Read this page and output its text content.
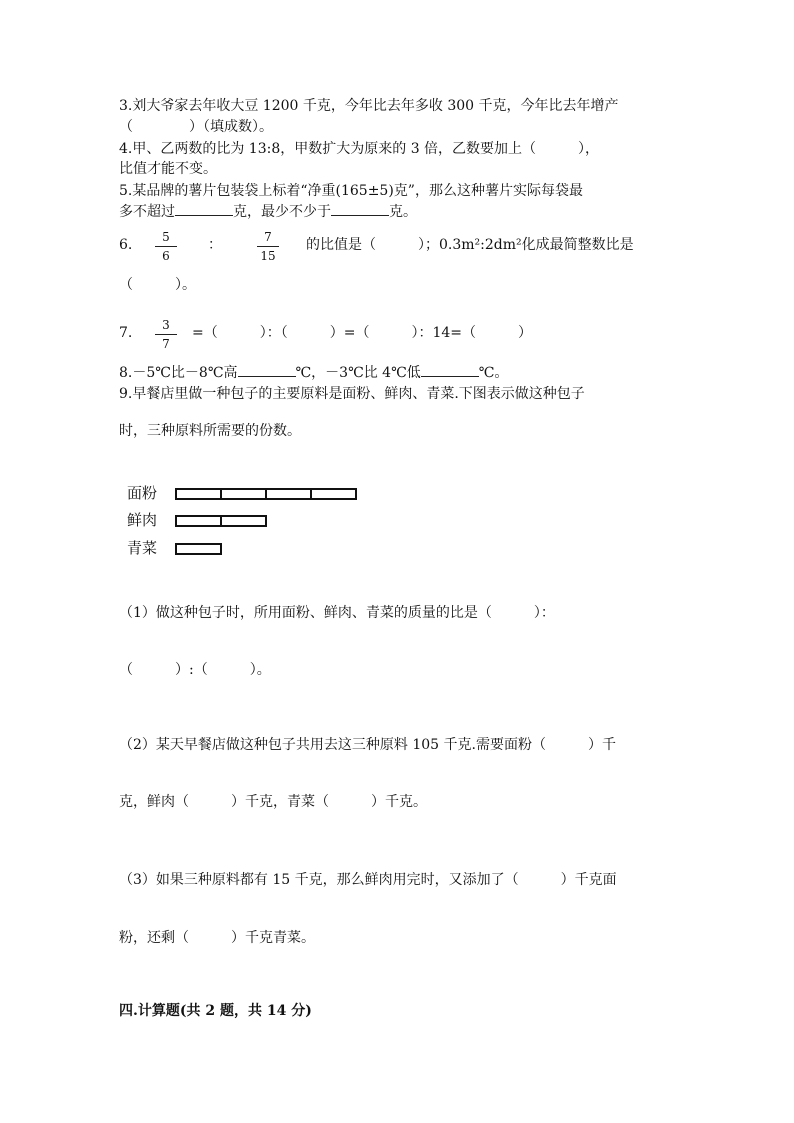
3.刘大爷家去年收大豆 1200 千克，今年比去年多收 300 千克，今年比去年增产
（　　　　）（填成数）。
4.甲、乙两数的比为 13:8，甲数扩大为原来的 3 倍，乙数要加上（　　　），
比值才能不变。
5.某品牌的薯片包装袋上标着“净重(165±5)克”，那么这种薯片实际每袋最
多不超过	克，最少不少于	克。
6.	5
6
：	7
15
的比值是（　　　）；0.3m²:2dm²化成最简整数比是
（　　　）。
7.	3
7
=（　　　）：（　　　）=（　　　）：14=（　　　）
8.－5℃比－8℃高	℃，－3℃比 4℃低	℃。
9.早餐店里做一种包子的主要原料是面粉、鲜肉、青菜.下图表示做这种包子
时，三种原料所需要的份数。
面粉
鲜肉
青菜
（1）做这种包子时，所用面粉、鲜肉、青菜的质量的比是（　　　）：
（　　　）:（　　　）。
（2）某天早餐店做这种包子共用去这三种原料 105 千克.需要面粉（　　　）千
克，鲜肉（　　　）千克，青菜（　　　）千克。
（3）如果三种原料都有 15 千克，那么鲜肉用完时，又添加了（　　　）千克面
粉，还剩（　　　）千克青菜。
四.计算题(共 2 题，共 14 分)
